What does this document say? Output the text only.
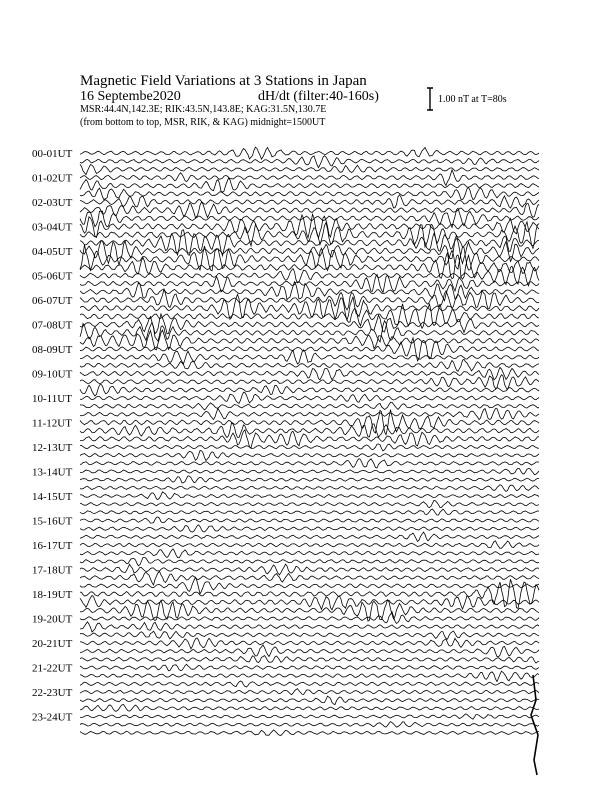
Magnetic Field Variations at 3 Stations in Japan
16 Septembe2020	dH/dt (filter:40-160s)
MSR:44.4N,142.3E; RIK:43.5N,143.8E; KAG:31.5N,130.7E
(from bottom to top, MSR, RIK, & KAG) midnight=1500UT
1.00 nT at T=80s
00-01UT
01-02UT
02-03UT
03-04UT
04-05UT
05-06UT
06-07UT
07-08UT
08-09UT
09-10UT
10-11UT
11-12UT
12-13UT
13-14UT
14-15UT
15-16UT
16-17UT
17-18UT
18-19UT
19-20UT
20-21UT
21-22UT
22-23UT
23-24UT
